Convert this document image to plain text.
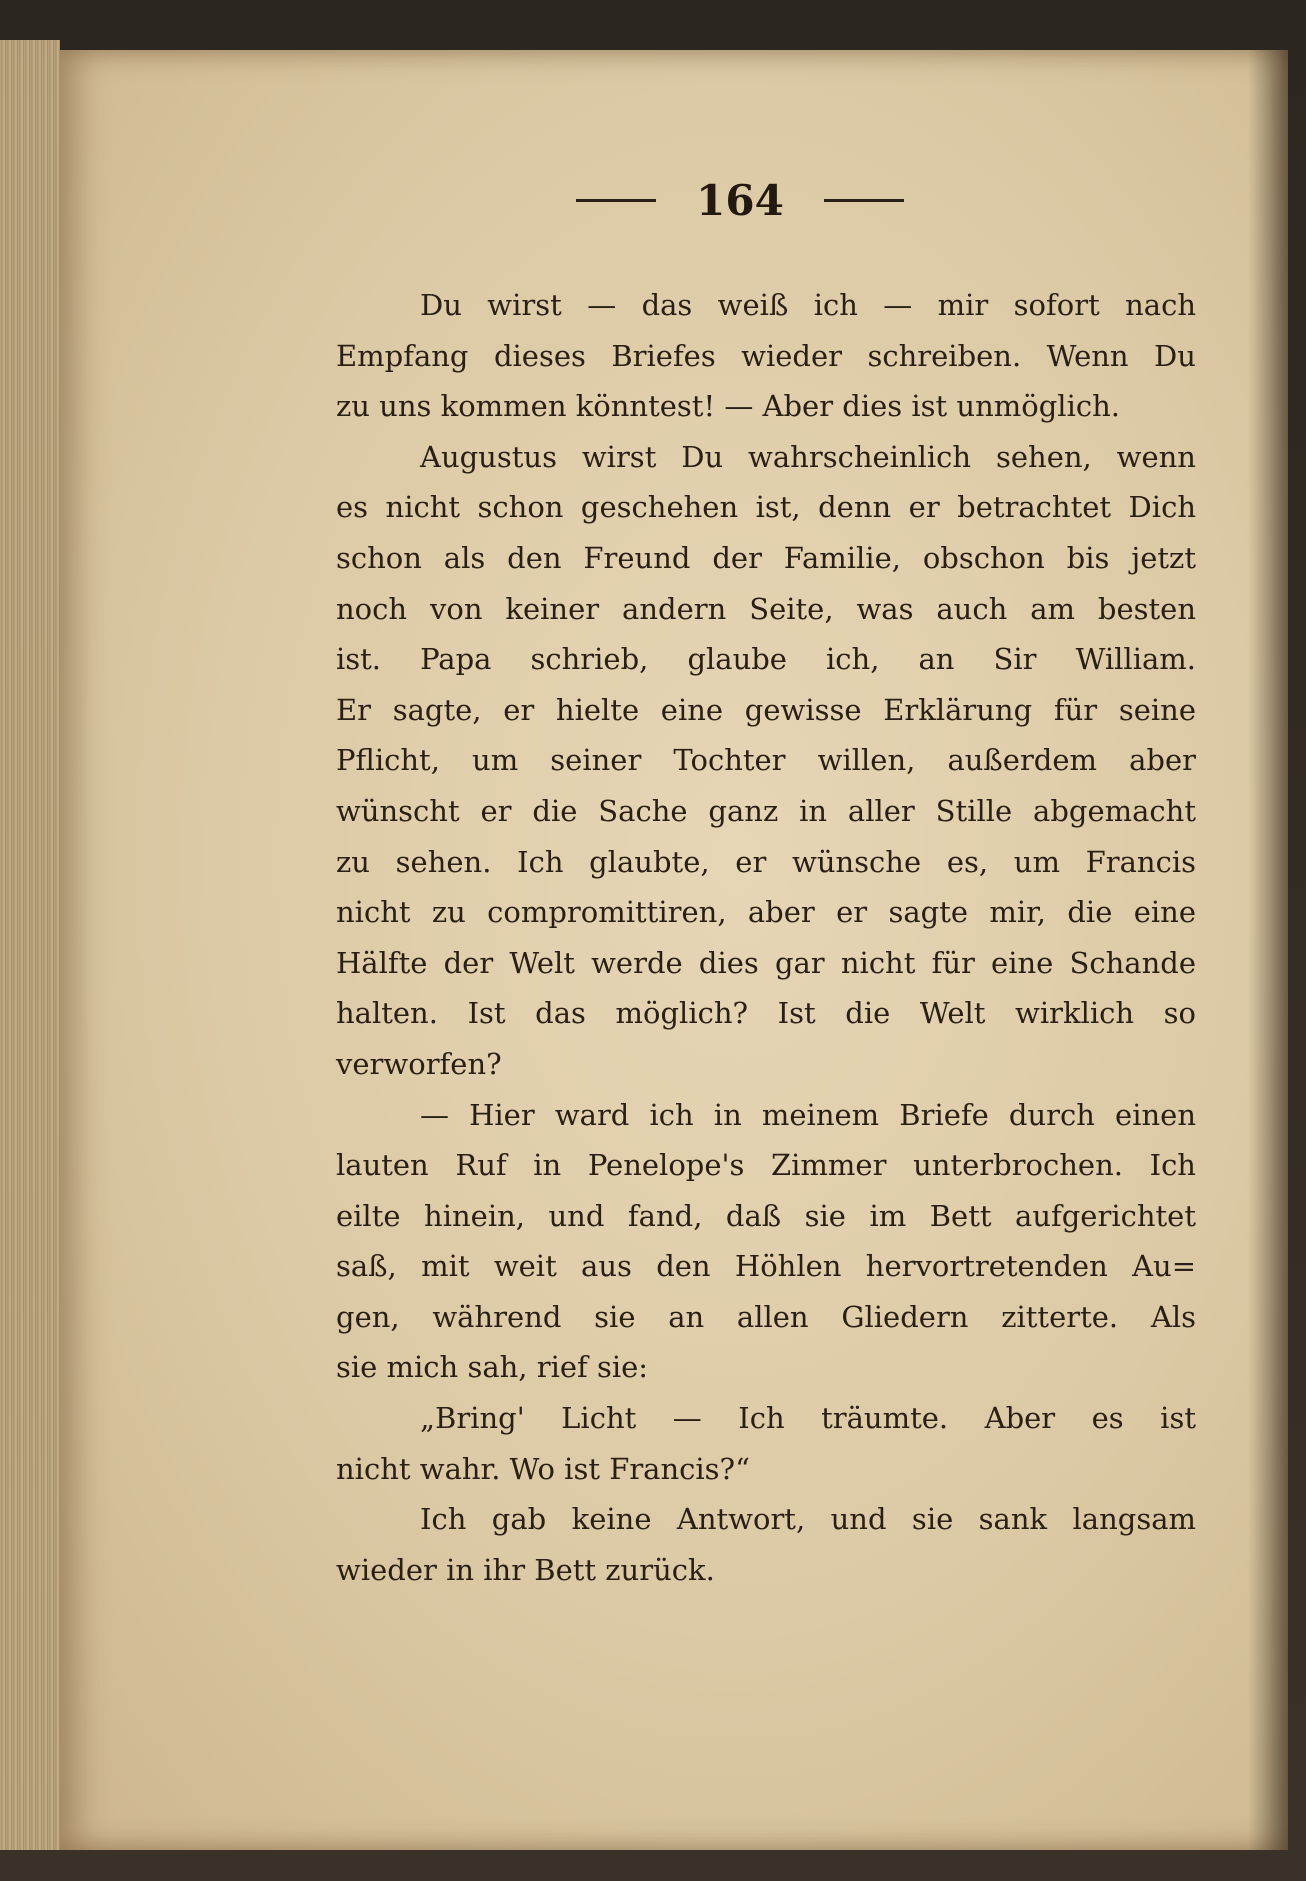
164
Du wirst — das weiß ich — mir sofort nach
Empfang dieses Briefes wieder schreiben. Wenn Du
zu uns kommen könntest! — Aber dies ist unmöglich.
Augustus wirst Du wahrscheinlich sehen, wenn
es nicht schon geschehen ist, denn er betrachtet Dich
schon als den Freund der Familie, obschon bis jetzt
noch von keiner andern Seite, was auch am besten
ist. Papa schrieb, glaube ich, an Sir William.
Er sagte, er hielte eine gewisse Erklärung für seine
Pflicht, um seiner Tochter willen, außerdem aber
wünscht er die Sache ganz in aller Stille abgemacht
zu sehen. Ich glaubte, er wünsche es, um Francis
nicht zu compromittiren, aber er sagte mir, die eine
Hälfte der Welt werde dies gar nicht für eine Schande
halten. Ist das möglich? Ist die Welt wirklich so
verworfen?
— Hier ward ich in meinem Briefe durch einen
lauten Ruf in Penelope's Zimmer unterbrochen. Ich
eilte hinein, und fand, daß sie im Bett aufgerichtet
saß, mit weit aus den Höhlen hervortretenden Au=
gen, während sie an allen Gliedern zitterte. Als
sie mich sah, rief sie:
„Bring' Licht — Ich träumte. Aber es ist
nicht wahr. Wo ist Francis?“
Ich gab keine Antwort, und sie sank langsam
wieder in ihr Bett zurück.
